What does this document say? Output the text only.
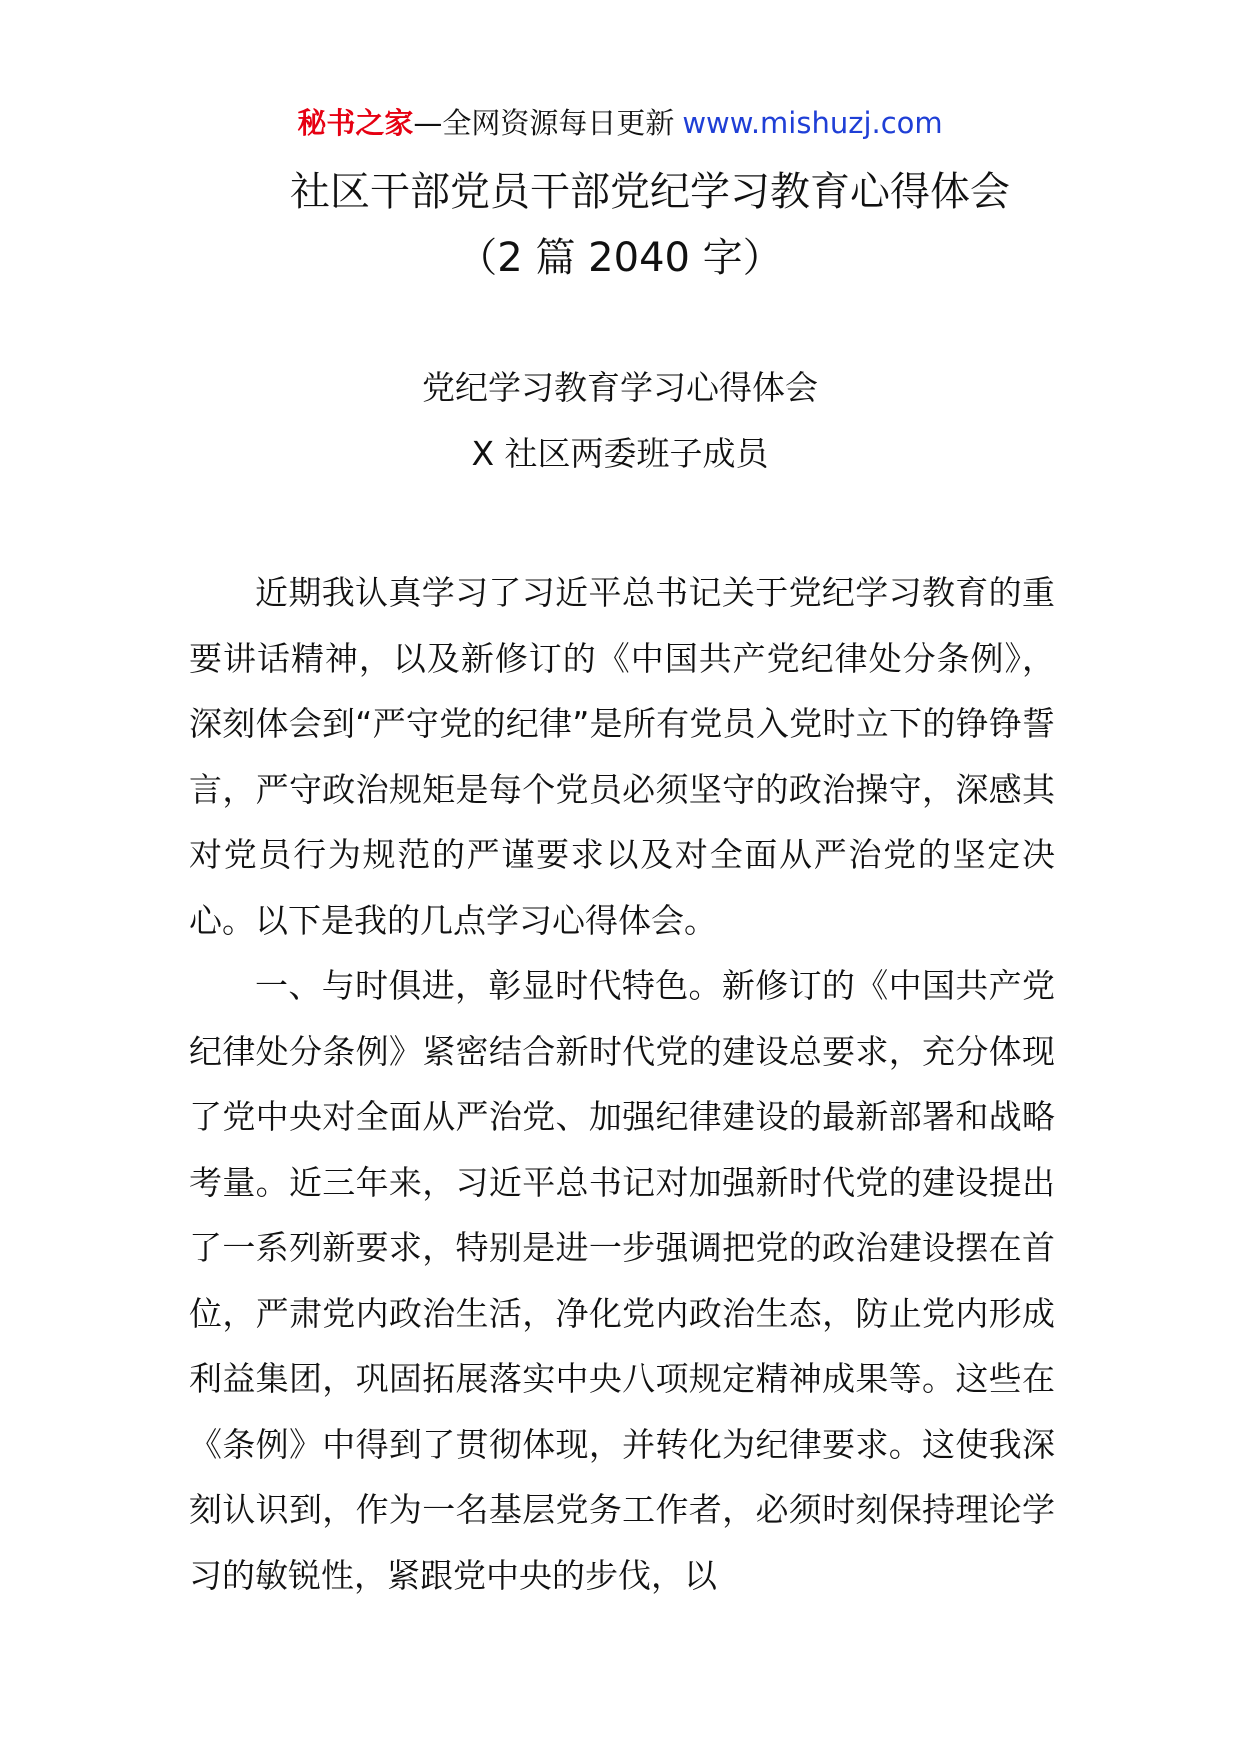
秘书之家—全网资源每日更新 www.mishuzj.com
社区干部党员干部党纪学习教育心得体会
（2 篇 2040 字）
党纪学习教育学习心得体会
X 社区两委班子成员

近期我认真学习了习近平总书记关于党纪学习教育的重要讲话精神，以及新修订的《中国共产党纪律处分条例》，深刻体会到“严守党的纪律”是所有党员入党时立下的铮铮誓言，严守政治规矩是每个党员必须坚守的政治操守，深感其对党员行为规范的严谨要求以及对全面从严治党的坚定决心。以下是我的几点学习心得体会。

一、与时俱进，彰显时代特色。新修订的《中国共产党纪律处分条例》紧密结合新时代党的建设总要求，充分体现了党中央对全面从严治党、加强纪律建设的最新部署和战略考量。近三年来，习近平总书记对加强新时代党的建设提出了一系列新要求，特别是进一步强调把党的政治建设摆在首位，严肃党内政治生活，净化党内政治生态，防止党内形成利益集团，巩固拓展落实中央八项规定精神成果等。这些在《条例》中得到了贯彻体现，并转化为纪律要求。这使我深刻认识到，作为一名基层党务工作者，必须时刻保持理论学习的敏锐性，紧跟党中央的步伐，以
